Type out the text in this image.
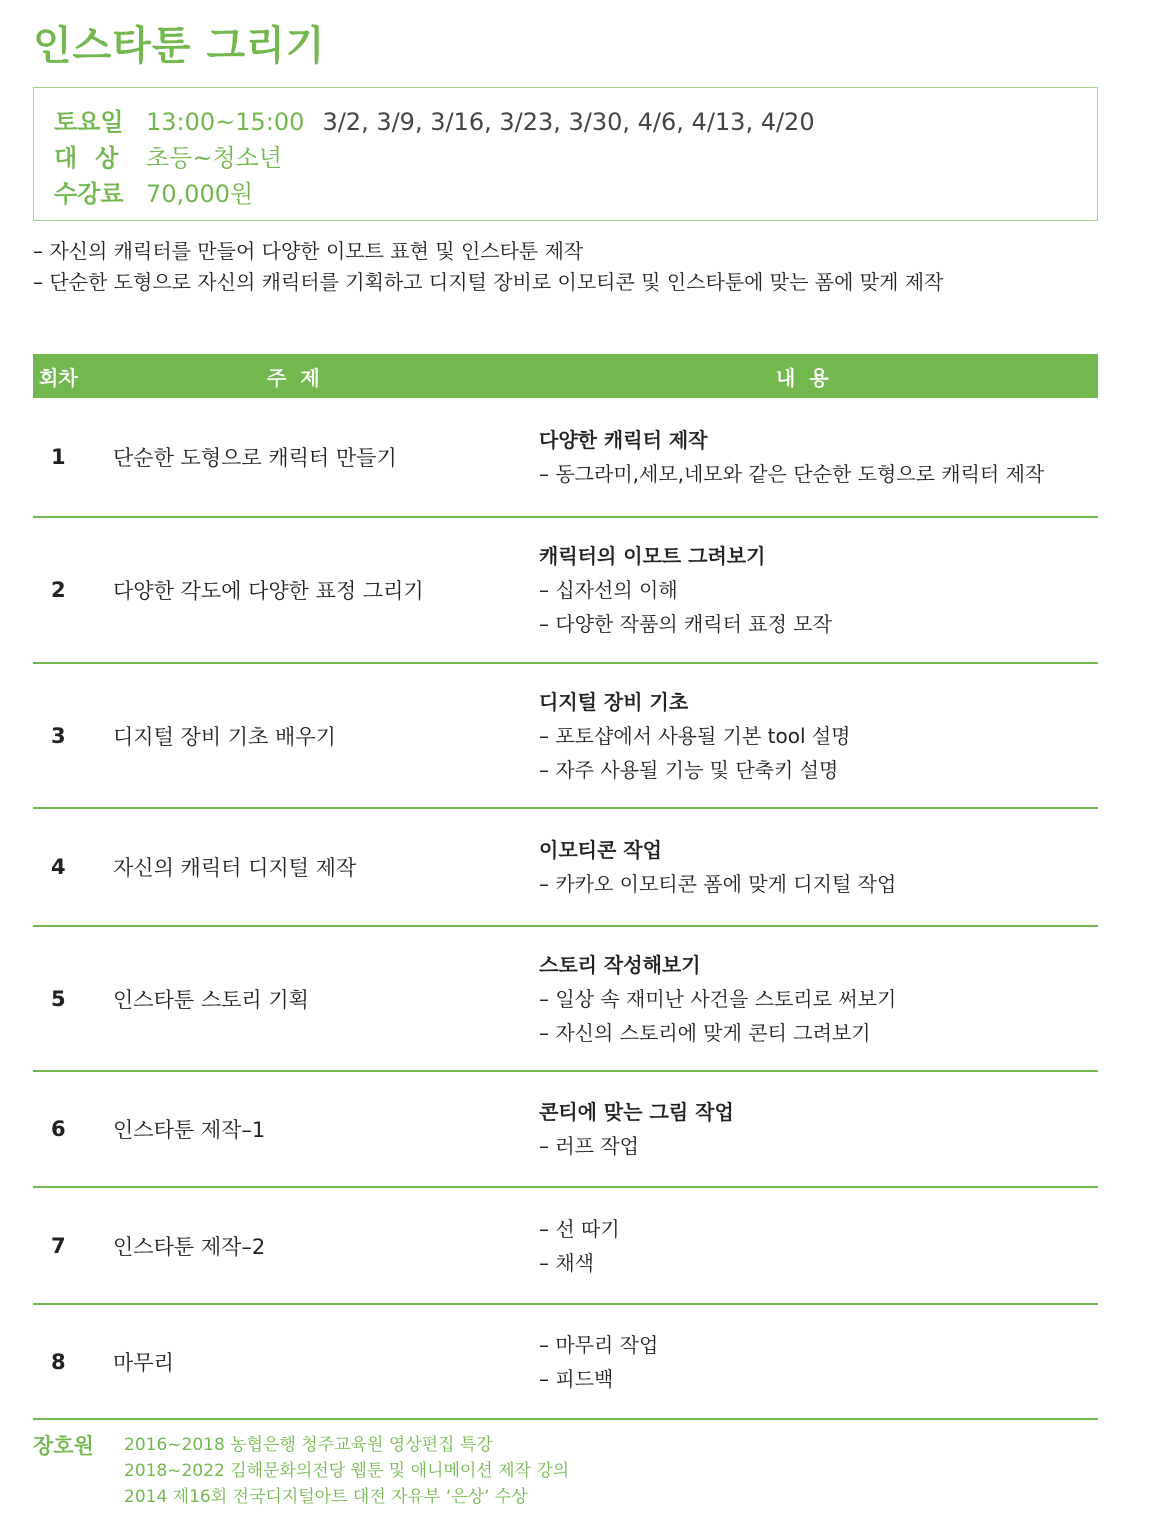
인스타툰 그리기
토요일 13:00~15:00 3/2, 3/9, 3/16, 3/23, 3/30, 4/6, 4/13, 4/20
대상 초등~청소년
수강료 70,000원
– 자신의 캐릭터를 만들어 다양한 이모트 표현 및 인스타툰 제작
– 단순한 도형으로 자신의 캐릭터를 기획하고 디지털 장비로 이모티콘 및 인스타툰에 맞는 폼에 맞게 제작
회차	주제	내용
1	단순한 도형으로 캐릭터 만들기
다양한 캐릭터 제작
– 동그라미,세모,네모와 같은 단순한 도형으로 캐릭터 제작
2	다양한 각도에 다양한 표정 그리기
캐릭터의 이모트 그려보기
– 십자선의 이해
– 다양한 작품의 캐릭터 표정 모작
3	디지털 장비 기초 배우기
디지털 장비 기초
– 포토샵에서 사용될 기본 tool 설명
– 자주 사용될 기능 및 단축키 설명
4	자신의 캐릭터 디지털 제작
이모티콘 작업
– 카카오 이모티콘 폼에 맞게 디지털 작업
5	인스타툰 스토리 기획
스토리 작성해보기
– 일상 속 재미난 사건을 스토리로 써보기
– 자신의 스토리에 맞게 콘티 그려보기
6	인스타툰 제작–1
콘티에 맞는 그림 작업
– 러프 작업
7	인스타툰 제작–2
– 선 따기
– 채색
8	마무리
– 마무리 작업
– 피드백
장호원	2016~2018 농협은행 청주교육원 영상편집 특강
2018~2022 김해문화의전당 웹툰 및 애니메이션 제작 강의
2014 제16회 전국디지털아트 대전 자유부 ‘은상’ 수상
